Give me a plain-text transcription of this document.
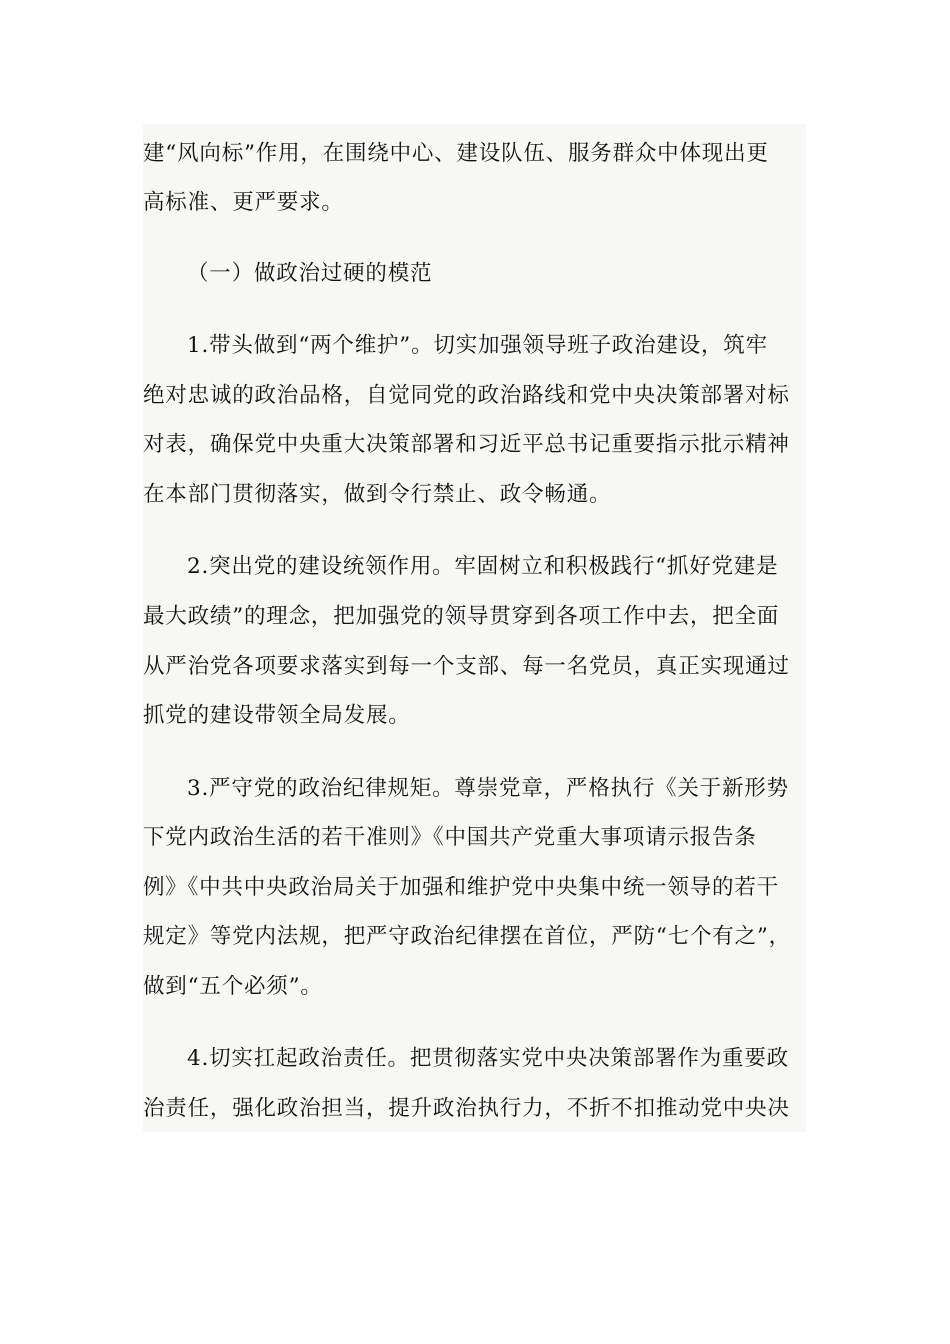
建“风向标”作用，在围绕中心、建设队伍、服务群众中体现出更
高标准、更严要求。
（一）做政治过硬的模范
1.带头做到“两个维护”。切实加强领导班子政治建设，筑牢
绝对忠诚的政治品格，自觉同党的政治路线和党中央决策部署对标
对表，确保党中央重大决策部署和习近平总书记重要指示批示精神
在本部门贯彻落实，做到令行禁止、政令畅通。
2.突出党的建设统领作用。牢固树立和积极践行“抓好党建是
最大政绩”的理念，把加强党的领导贯穿到各项工作中去，把全面
从严治党各项要求落实到每一个支部、每一名党员，真正实现通过
抓党的建设带领全局发展。
3.严守党的政治纪律规矩。尊崇党章，严格执行《关于新形势
下党内政治生活的若干准则》《中国共产党重大事项请示报告条
例》《中共中央政治局关于加强和维护党中央集中统一领导的若干
规定》等党内法规，把严守政治纪律摆在首位，严防“七个有之”，
做到“五个必须”。
4.切实扛起政治责任。把贯彻落实党中央决策部署作为重要政
治责任，强化政治担当，提升政治执行力，不折不扣推动党中央决
